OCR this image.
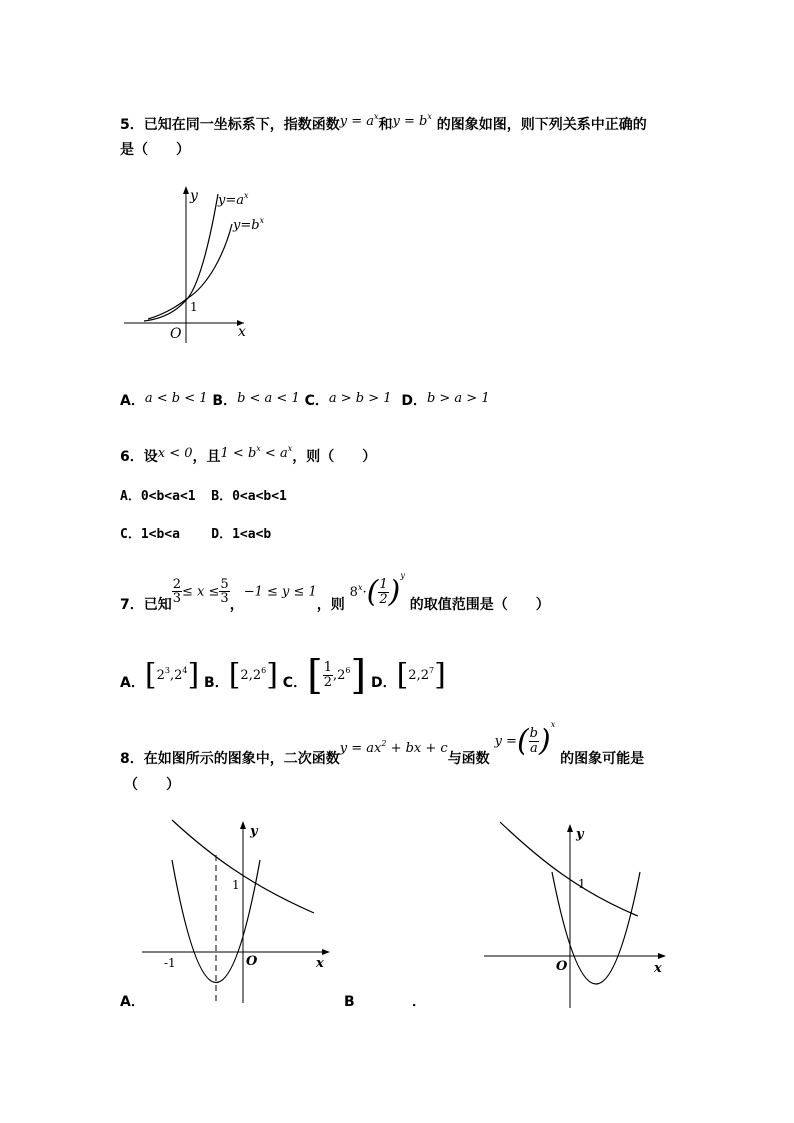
5．已知在同一坐标系下，指数函数$y = a^x$和$y = b^x$ 的图象如图，则下列关系中正确的
是（　　）
y
x
O
1
$y=a^x$
$y=b^x$
A．a < b < 1 B．b < a < 1 C．a > b > 1 D．b > a > 1
6．设x < 0，且$1 < b^x < a^x$，则（　　）
A．0<b<a<1  B．0<a<b<1
C．1<b<a    D．1<a<b
7．已知 $\frac{2}{3} \le x \le \frac{5}{3}$ ，−1 ≤ y ≤ 1，则 $8^x\cdot( \frac{1}{2} )^y$ 的取值范围是（　　）
A．$[2^3,2^4]$ B．$[2,2^6]$ C．[ $\frac{1}{2} ,2^6$] D．$[2,2^7]$
8．在如图所示的图象中，二次函数$y = ax^2$ + bx + c与函数 y =( $\frac{b}{a} )^x$ 的图象可能是
（　　）
y
x
O
1
-1
y
x
O
1
A．	B	．
